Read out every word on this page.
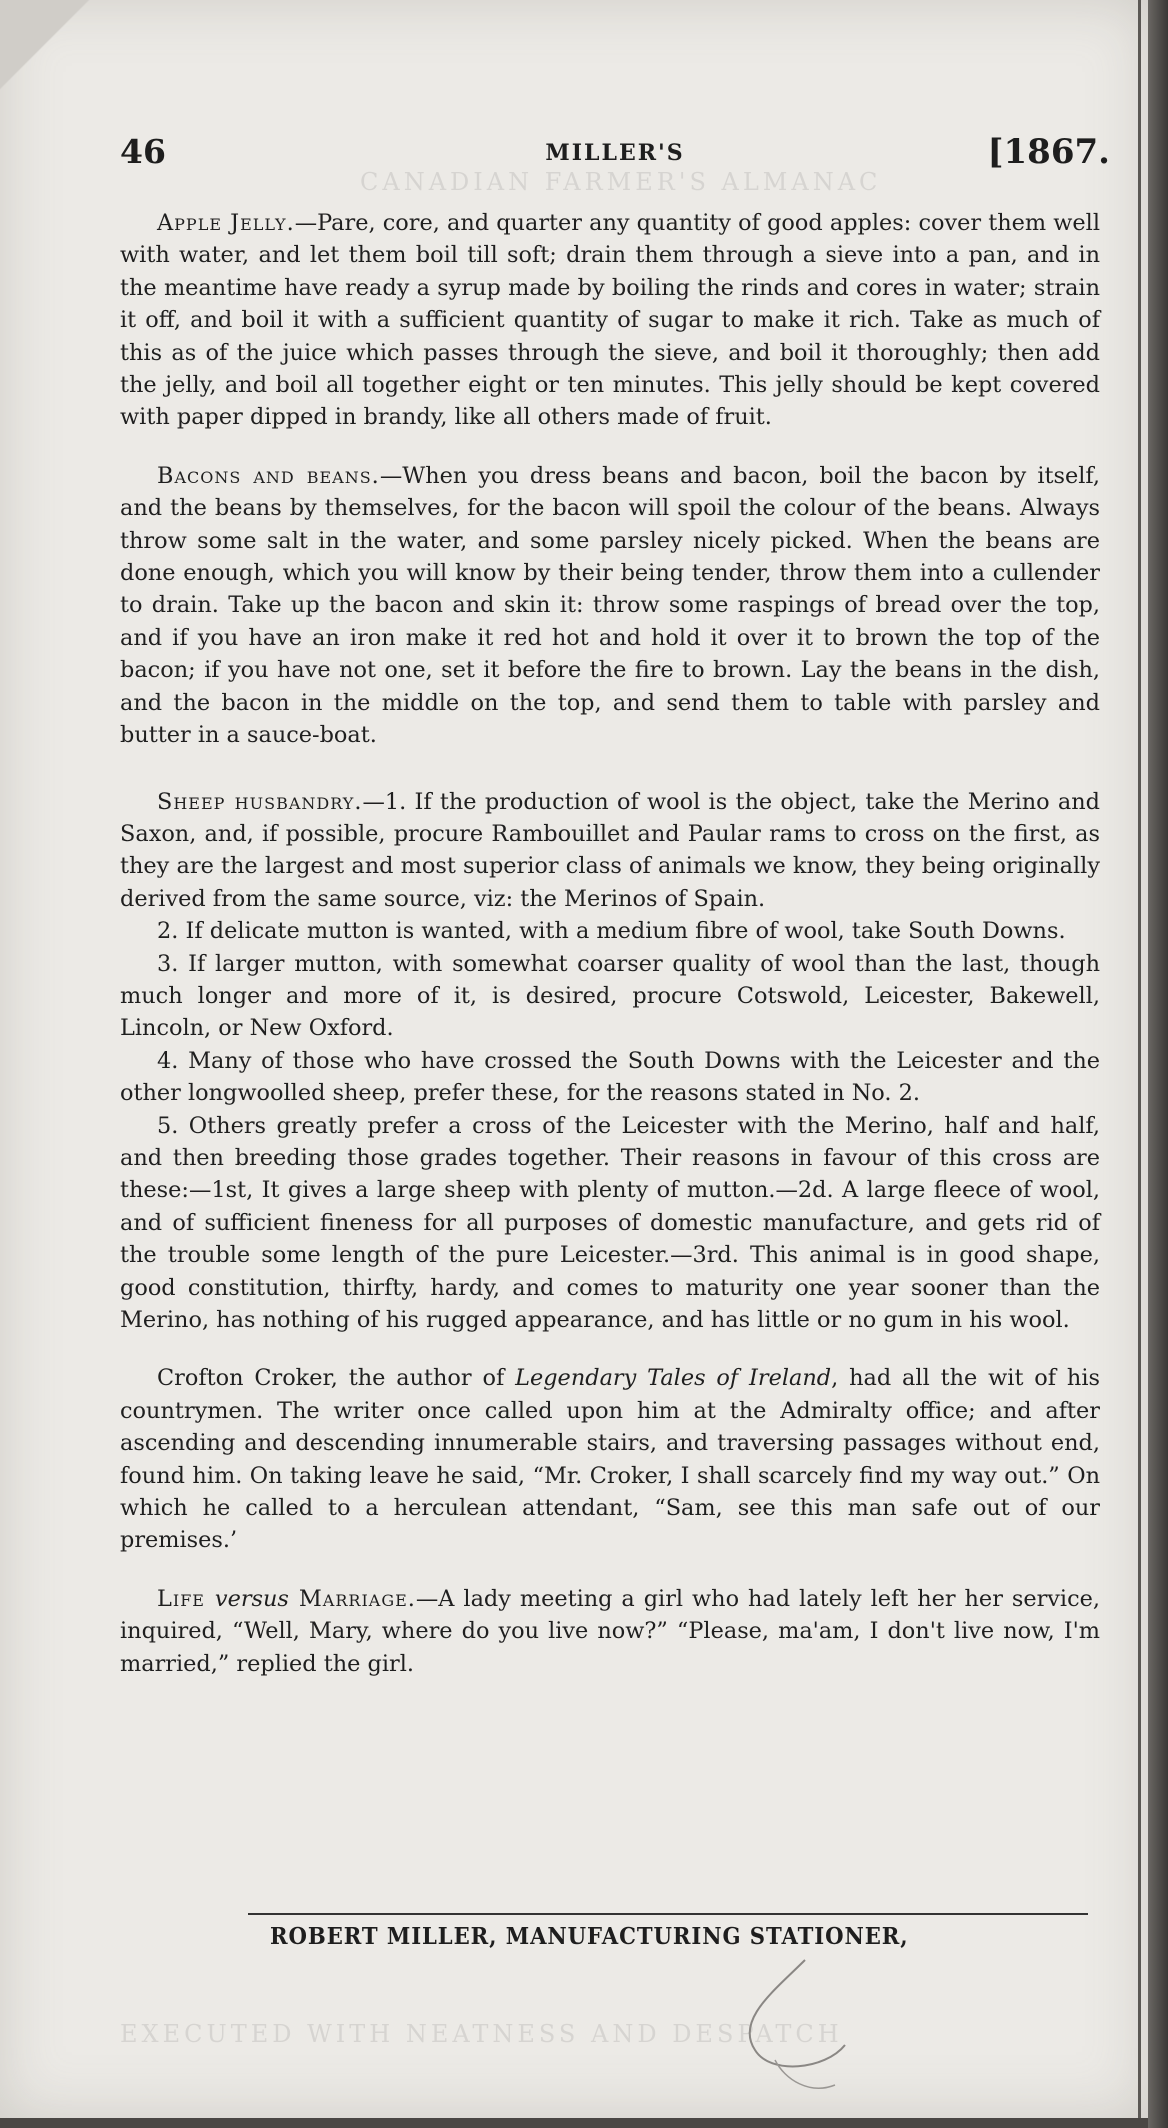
CANADIAN FARMER'S ALMANAC
EXECUTED WITH NEATNESS AND DESPATCH
46	MILLER'S	[1867.

Apple Jelly.—Pare, core, and quarter any quantity of good apples: cover them well with water, and let them boil till soft; drain them through a sieve into a pan, and in the meantime have ready a syrup made by boiling the rinds and cores in water; strain it off, and boil it with a sufficient quantity of sugar to make it rich. Take as much of this as of the juice which passes through the sieve, and boil it thoroughly; then add the jelly, and boil all together eight or ten minutes. This jelly should be kept covered with paper dipped in brandy, like all others made of fruit.

Bacons and beans.—When you dress beans and bacon, boil the bacon by itself, and the beans by themselves, for the bacon will spoil the colour of the beans. Always throw some salt in the water, and some parsley nicely picked. When the beans are done enough, which you will know by their being tender, throw them into a cullender to drain. Take up the bacon and skin it: throw some raspings of bread over the top, and if you have an iron make it red hot and hold it over it to brown the top of the bacon; if you have not one, set it before the fire to brown. Lay the beans in the dish, and the bacon in the middle on the top, and send them to table with parsley and butter in a sauce-boat.

Sheep husbandry.—1. If the production of wool is the object, take the Merino and Saxon, and, if possible, procure Rambouillet and Paular rams to cross on the first, as they are the largest and most superior class of animals we know, they being originally derived from the same source, viz: the Merinos of Spain.

2. If delicate mutton is wanted, with a medium fibre of wool, take South Downs.

3. If larger mutton, with somewhat coarser quality of wool than the last, though much longer and more of it, is desired, procure Cotswold, Leicester, Bakewell, Lincoln, or New Oxford.

4. Many of those who have crossed the South Downs with the Leicester and the other longwoolled sheep, prefer these, for the reasons stated in No. 2.

5. Others greatly prefer a cross of the Leicester with the Merino, half and half, and then breeding those grades together. Their reasons in favour of this cross are these:—1st, It gives a large sheep with plenty of mutton.—2d. A large fleece of wool, and of sufficient fineness for all purposes of domestic manufacture, and gets rid of the trouble some length of the pure Leicester.—3rd. This animal is in good shape, good constitution, thirfty, hardy, and comes to maturity one year sooner than the Merino, has nothing of his rugged appearance, and has little or no gum in his wool.

Crofton Croker, the author of Legendary Tales of Ireland, had all the wit of his countrymen. The writer once called upon him at the Admiralty office; and after ascending and descending innumerable stairs, and traversing passages without end, found him. On taking leave he said, “Mr. Croker, I shall scarcely find my way out.” On which he called to a herculean attendant, “Sam, see this man safe out of our premises.’

Life versus Marriage.—A lady meeting a girl who had lately left her her service, inquired, “Well, Mary, where do you live now?” “Please, ma'am, I don't live now, I'm married,” replied the girl.

ROBERT MILLER, MANUFACTURING STATIONER,
